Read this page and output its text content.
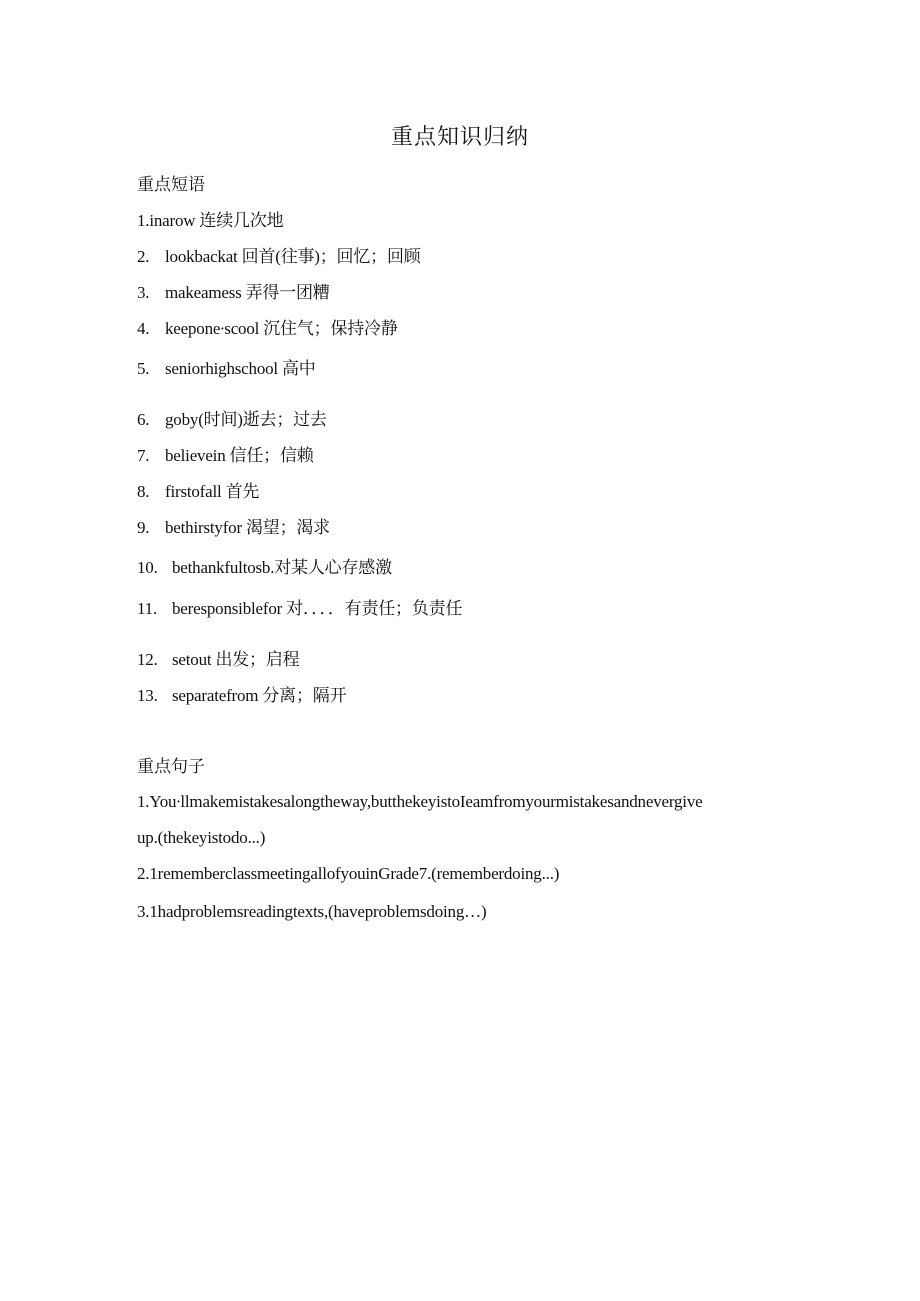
重点知识归纳
重点短语
1.inarow 连续几次地
2. lookbackat 回首(往事)；回忆；回顾
3. makeamess 弄得一团糟
4. keepone∙scool 沉住气；保持冷静
5. seniorhighschool 高中
6. goby(时间)逝去；过去
7. believein 信任；信赖
8. firstofall 首先
9. bethirstyfor 渴望；渴求
10. bethankfultosb.对某人心存感激
11. beresponsiblefor 对．．．．有责任；负责任
12. setout 出发；启程
13. separatefrom 分离；隔开
重点句子
1.You∙llmakemistakesalongtheway,butthekeyistoIeamfromyourmistakesandnevergive
up.(thekeyistodo...)
2.1rememberclassmeetingallofyouinGrade7.(rememberdoing...)
3.1hadproblemsreadingtexts,(haveproblemsdoing…)
